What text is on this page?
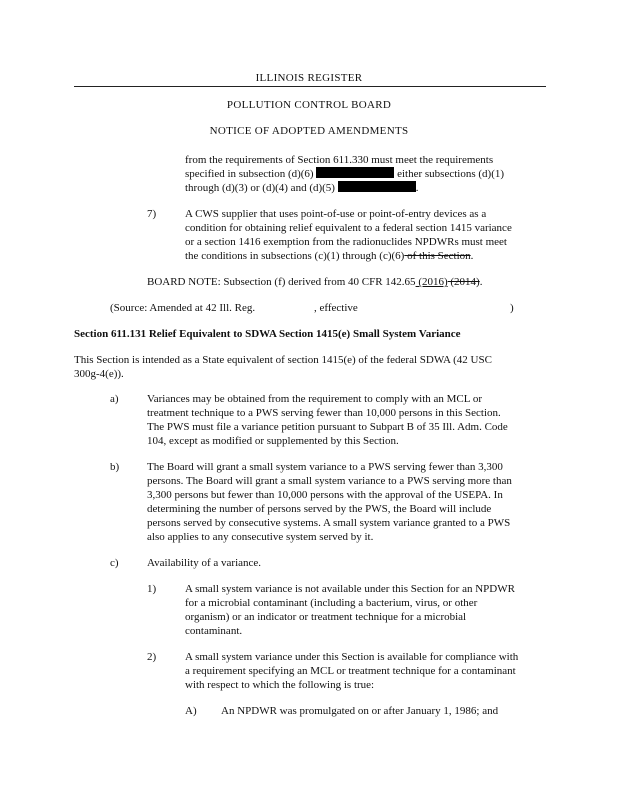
ILLINOIS REGISTER
POLLUTION CONTROL BOARD
NOTICE OF ADOPTED AMENDMENTS
from the requirements of Section 611.330 must meet the requirements
specified in subsection (d)(6)	either subsections (d)(1)
through (d)(3) or (d)(4) and (d)(5)	.
7)	A CWS supplier that uses point-of-use or point-of-entry devices as a
condition for obtaining relief equivalent to a federal section 1415 variance
or a section 1416 exemption from the radionuclides NPDWRs must meet
the conditions in subsections (c)(1) through (c)(6) of this Section.
BOARD NOTE: Subsection (f) derived from 40 CFR 142.65 (2016) (2014).
(Source: Amended at 42 Ill. Reg.	, effective	)
Section 611.131 Relief Equivalent to SDWA Section 1415(e) Small System Variance
This Section is intended as a State equivalent of section 1415(e) of the federal SDWA (42 USC
300g-4(e)).
a)	Variances may be obtained from the requirement to comply with an MCL or
treatment technique to a PWS serving fewer than 10,000 persons in this Section.
The PWS must file a variance petition pursuant to Subpart B of 35 Ill. Adm. Code
104, except as modified or supplemented by this Section.
b)	The Board will grant a small system variance to a PWS serving fewer than 3,300
persons. The Board will grant a small system variance to a PWS serving more than
3,300 persons but fewer than 10,000 persons with the approval of the USEPA. In
determining the number of persons served by the PWS, the Board will include
persons served by consecutive systems. A small system variance granted to a PWS
also applies to any consecutive system served by it.
c)	Availability of a variance.
1)	A small system variance is not available under this Section for an NPDWR
for a microbial contaminant (including a bacterium, virus, or other
organism) or an indicator or treatment technique for a microbial
contaminant.
2)	A small system variance under this Section is available for compliance with
a requirement specifying an MCL or treatment technique for a contaminant
with respect to which the following is true:
A) An NPDWR was promulgated on or after January 1, 1986; and
